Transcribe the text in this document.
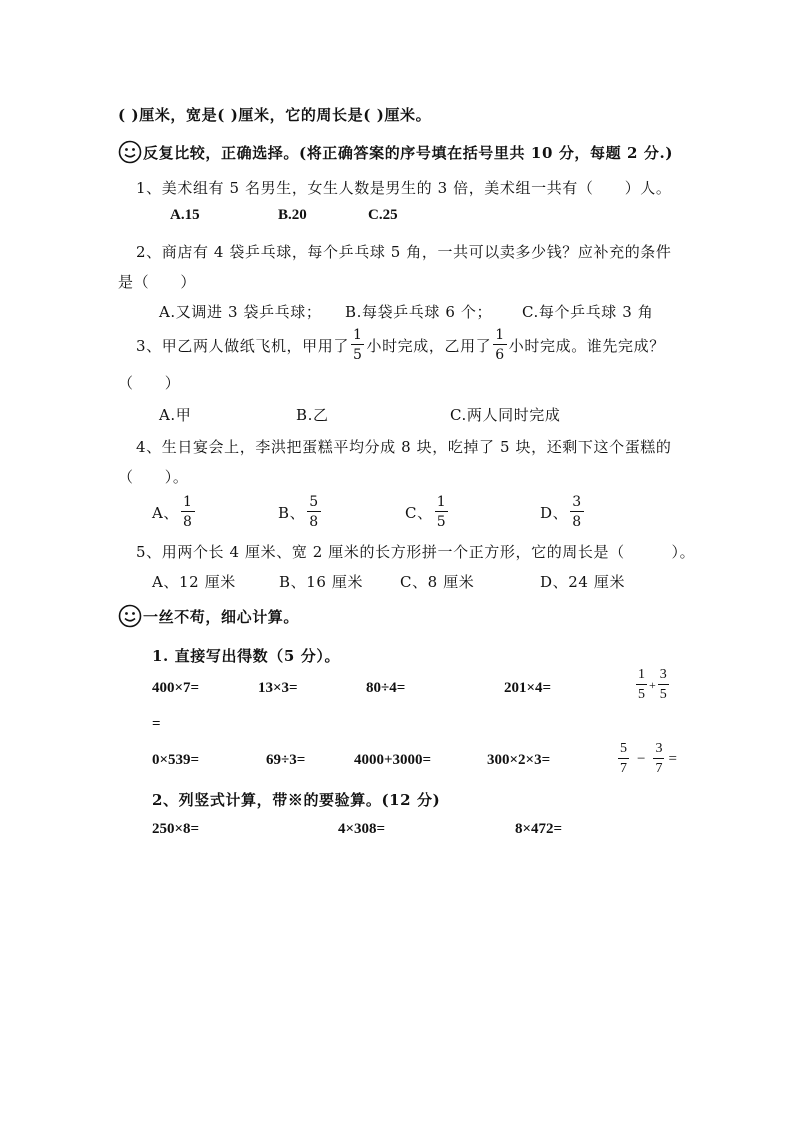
( )厘米，宽是( )厘米，它的周长是( )厘米。
反复比较，正确选择。(将正确答案的序号填在括号里共 10 分，每题 2 分.)
1、美术组有 5 名男生，女生人数是男生的 3 倍，美术组一共有（　　）人。
A.15	B.20	C.25
2、商店有 4 袋乒乓球，每个乒乓球 5 角，一共可以卖多少钱？应补充的条件
是（　　）
A.又调进 3 袋乒乓球； B.每袋乒乓球 6 个； C.每个乒乓球 3 角
3、甲乙两人做纸飞机，甲用了 $\frac{1}{5}$ 小时完成，乙用了 $\frac{1}{6}$ 小时完成。谁先完成？
（　　）
A.甲	B.乙	C.两人同时完成
4、生日宴会上，李洪把蛋糕平均分成 8 块，吃掉了 5 块，还剩下这个蛋糕的
（　　）。
A、 $\frac{1}{8}$	B、 $\frac{5}{8}$	C、 $\frac{1}{5}$	D、 $\frac{3}{8}$
5、用两个长 4 厘米、宽 2 厘米的长方形拼一个正方形，它的周长是（　　　）。
A、12 厘米	B、16 厘米 C、8 厘米	D、24 厘米
一丝不苟，细心计算。
1. 直接写出得数（5 分）。
400×7=	13×3=	80÷4=	201×4=	$\frac{1}{5} + \frac{3}{5}$
=
0×539=	69÷3=	4000+3000=	300×2×3=	$\frac{5}{7} - \frac{3}{7}$ =
2、列竖式计算，带※的要验算。(12 分)
250×8=	4×308=	8×472=
